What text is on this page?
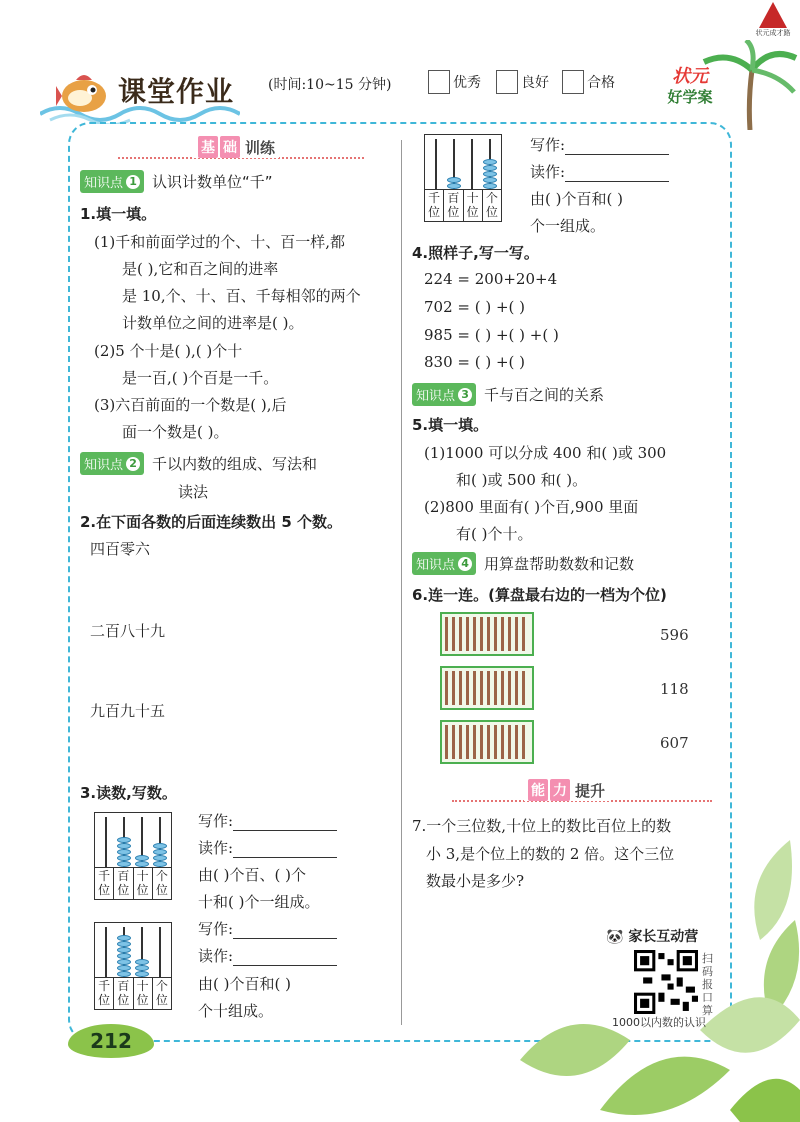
状元成才路
课堂作业 (时间:10~15 分钟)	优秀	良好	合格	状元
好学案
基 础 训练
知识点 1 认识计数单位“千”
1.填一填。
(1)千和前面学过的个、十、百一样,都
是( ),它和百之间的进率
是 10,个、十、百、千每相邻的两个
计数单位之间的进率是( )。
(2)5 个十是( ),( )个十
是一百,( )个百是一千。
(3)六百前面的一个数是( ),后
面一个数是( )。
知识点 2 千以内数的组成、写法和
读法
2.在下面各数的后面连续数出 5 个数。
四百零六
二百八十九
九百九十五
3.读数,写数。
千位
百位
十位
个位
写作:
读作:
由( )个百、( )个
十和( )个一组成。
千位
百位
十位
个位
写作:
读作:
由( )个百和( )
个十组成。
千位
百位
十位
个位
写作:
读作:
由( )个百和( )
个一组成。
4.照样子,写一写。
224 = 200+20+4
702 = ( ) +( )
985 = ( ) +( ) +( )
830 = ( ) +( )
知识点 3 千与百之间的关系
5.填一填。
(1)1000 可以分成 400 和( )或 300
和( )或 500 和( )。
(2)800 里面有( )个百,900 里面
有( )个十。
知识点 4 用算盘帮助数数和记数
6.连一连。(算盘最右边的一档为个位)
596
118
607
能 力 提升
7.一个三位数,十位上的数比百位上的数
小 3,是个位上的数的 2 倍。这个三位
数最小是多少?
🐼 家长互动营
扫码报口算
1000以内数的认识
212
